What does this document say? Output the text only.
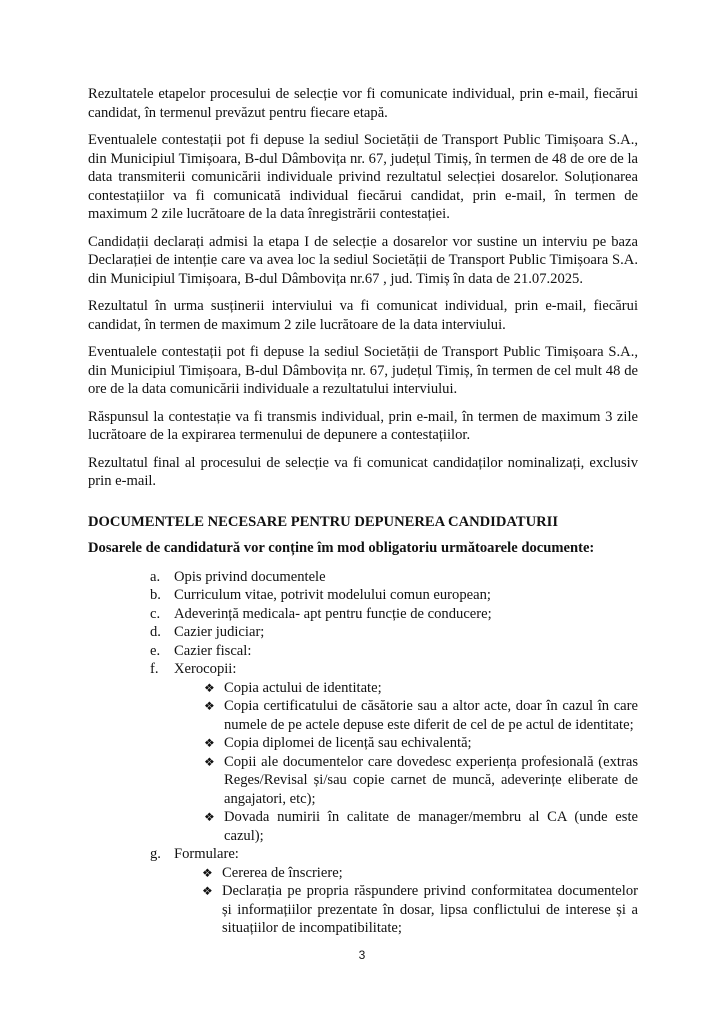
Rezultatele etapelor procesului de selecție vor fi comunicate individual, prin e-mail, fiecărui candidat, în termenul prevăzut pentru fiecare etapă.

Eventualele contestații pot fi depuse la sediul Societății de Transport Public Timișoara S.A., din Municipiul Timișoara, B-dul Dâmbovița nr. 67, județul Timiș, în termen de 48 de ore de la data transmiterii comunicării individuale privind rezultatul selecției dosarelor. Soluționarea contestațiilor va fi comunicată individual fiecărui candidat, prin e-mail, în termen de maximum 2 zile lucrătoare de la data înregistrării contestației.

Candidații declarați admisi la etapa I de selecție a dosarelor vor sustine un interviu pe baza Declarației de intenție care va avea loc la sediul Societății de Transport Public Timișoara S.A. din Municipiul Timișoara, B-dul Dâmbovița nr.67 , jud. Timiș în data de 21.07.2025.

Rezultatul în urma susținerii interviului va fi comunicat individual, prin e-mail, fiecărui candidat, în termen de maximum 2 zile lucrătoare de la data interviului.

Eventualele contestații pot fi depuse la sediul Societății de Transport Public Timișoara S.A., din Municipiul Timișoara, B-dul Dâmbovița nr. 67, județul Timiș, în termen de cel mult 48 de ore de la data comunicării individuale a rezultatului interviului.

Răspunsul la contestație va fi transmis individual, prin e-mail, în termen de maximum 3 zile lucrătoare de la expirarea termenului de depunere a contestațiilor.

Rezultatul final al procesului de selecție va fi comunicat candidaților nominalizați, exclusiv prin e-mail.

DOCUMENTELE NECESARE PENTRU DEPUNEREA CANDIDATURII

Dosarele de candidatură vor conține îm mod obligatoriu următoarele documente:

a. Opis privind documentele
b. Curriculum vitae, potrivit modelului comun european;
c. Adeverință medicala- apt pentru funcție de conducere;
d. Cazier judiciar;
e. Cazier fiscal:
f. Xerocopii:
❖ Copia actului de identitate;
❖ Copia certificatului de căsătorie sau a altor acte, doar în cazul în care numele de pe actele depuse este diferit de cel de pe actul de identitate;
❖ Copia diplomei de licență sau echivalentă;
❖ Copii ale documentelor care dovedesc experiența profesională (extras Reges/Revisal și/sau copie carnet de muncă, adeverințe eliberate de angajatori, etc);
❖ Dovada numirii în calitate de manager/membru al CA (unde este cazul);
g. Formulare:
❖ Cererea de înscriere;
❖ Declarația pe propria răspundere privind conformitatea documentelor și informațiilor prezentate în dosar, lipsa conflictului de interese și a situațiilor de incompatibilitate;
3
